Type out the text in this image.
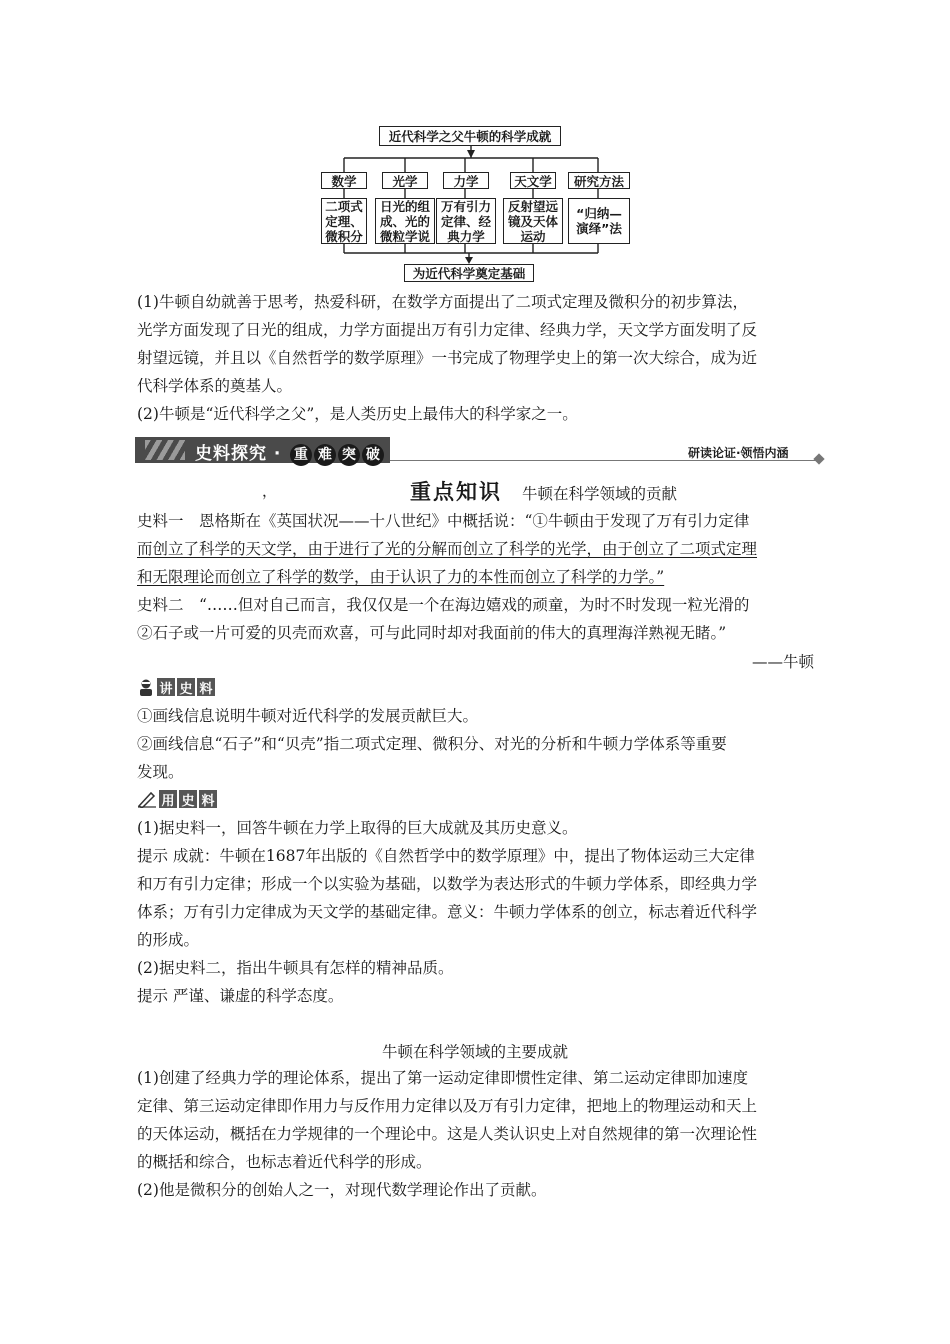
近代科学之父牛顿的科学成就
数学	光学	力学	天文学	研究方法
二项式
定理、
微积分
日光的组
成、光的
微粒学说
万有引力
定律、经
典力学
反射望远
镜及天体
运动
“归纳—
演绎”法
为近代科学奠定基础
(1)牛顿自幼就善于思考，热爱科研，在数学方面提出了二项式定理及微积分的初步算法，
光学方面发现了日光的组成，力学方面提出万有引力定律、经典力学，天文学方面发明了反
射望远镜，并且以《自然哲学的数学原理》一书完成了物理学史上的第一次大综合，成为近
代科学体系的奠基人。
(2)牛顿是“近代科学之父”，是人类历史上最伟大的科学家之一。
史料探究 · 重 难 突 破	研读论证·领悟内涵
，	重点知识 牛顿在科学领域的贡献
史料一　恩格斯在《英国状况——十八世纪》中概括说：“①牛顿由于发现了万有引力定律
而创立了科学的天文学，由于进行了光的分解而创立了科学的光学，由于创立了二项式定理
和无限理论而创立了科学的数学，由于认识了力的本性而创立了科学的力学。”
史料二　“……但对自己而言，我仅仅是一个在海边嬉戏的顽童，为时不时发现一粒光滑的
②石子或一片可爱的贝壳而欢喜，可与此同时却对我面前的伟大的真理海洋熟视无睹。”
——牛顿
讲 史 料
①画线信息说明牛顿对近代科学的发展贡献巨大。
②画线信息“石子”和“贝壳”指二项式定理、微积分、对光的分析和牛顿力学体系等重要
发现。
用 史 料
(1)据史料一，回答牛顿在力学上取得的巨大成就及其历史意义。
提示 成就：牛顿在1687年出版的《自然哲学中的数学原理》中，提出了物体运动三大定律
和万有引力定律；形成一个以实验为基础，以数学为表达形式的牛顿力学体系，即经典力学
体系；万有引力定律成为天文学的基础定律。意义：牛顿力学体系的创立，标志着近代科学
的形成。
(2)据史料二，指出牛顿具有怎样的精神品质。
提示 严谨、谦虚的科学态度。
牛顿在科学领域的主要成就
(1)创建了经典力学的理论体系，提出了第一运动定律即惯性定律、第二运动定律即加速度
定律、第三运动定律即作用力与反作用力定律以及万有引力定律，把地上的物理运动和天上
的天体运动，概括在力学规律的一个理论中。这是人类认识史上对自然规律的第一次理论性
的概括和综合，也标志着近代科学的形成。
(2)他是微积分的创始人之一，对现代数学理论作出了贡献。
